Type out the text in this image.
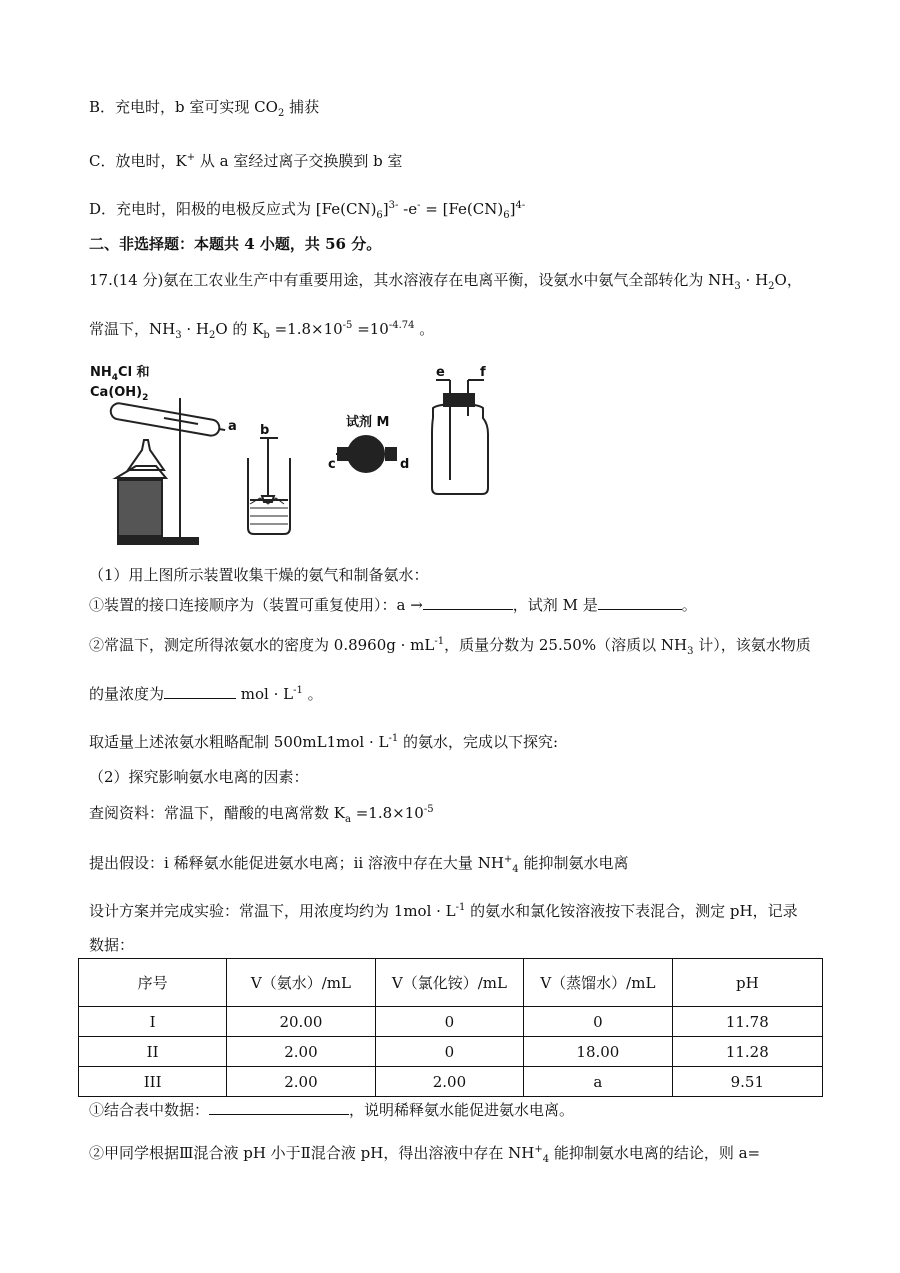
B．充电时，b 室可实现 $CO_2$ 捕获
C．放电时，K+ 从 a 室经过离子交换膜到 b 室
D．充电时，阳极的电极反应式为 $[Fe(CN)_6]^{3-}$ $-e^- = [Fe(CN)_6]^{4-}$
二、非选择题：本题共 4 小题，共 56 分。
17.(14 分)氨在工农业生产中有重要用途，其水溶液存在电离平衡，设氨水中氨气全部转化为 $NH_3 \cdot H_2O$，
常温下，$NH_3 \cdot H_2O$ 的 $K_b =1.8\times 10^{-5} =10^{-4.74}$ 。
$NH_4Cl$ 和
$Ca(OH)_2$
a b
c	d
e	f
试剂 M
（1）用上图所示装置收集干燥的氨气和制备氨水：
①装置的接口连接顺序为（装置可重复使用）：a →	，试剂 M 是	。
②常温下，测定所得浓氨水的密度为 $0.8960g \cdot mL^{-1}$，质量分数为 25.50%（溶质以 $NH_3$ 计），该氨水物质
的量浓度为	mol · $L^{-1}$ 。
取适量上述浓氨水粗略配制 $500mL1mol \cdot L^{-1}$ 的氨水，完成以下探究:
（2）探究影响氨水电离的因素：
查阅资料：常温下，醋酸的电离常数 $K_a =1.8\times 10^{-5}$
提出假设：i 稀释氨水能促进氨水电离；ii 溶液中存在大量 $NH^+_4$ 能抑制氨水电离
设计方案并完成实验：常温下，用浓度均约为 $1mol \cdot L^{-1}$ 的氨水和氯化铵溶液按下表混合，测定 pH，记录
数据：
序号	V（氨水）/mL	V（氯化铵）/mL	V（蒸馏水）/mL	pH
I	20.00	0	0	11.78
II	2.00	0	18.00	11.28
III	2.00	2.00	a	9.51
①结合表中数据：	，说明稀释氨水能促进氨水电离。
②甲同学根据Ⅲ混合液 pH 小于Ⅱ混合液 pH，得出溶液中存在 $NH^+_4$ 能抑制氨水电离的结论，则 a=
